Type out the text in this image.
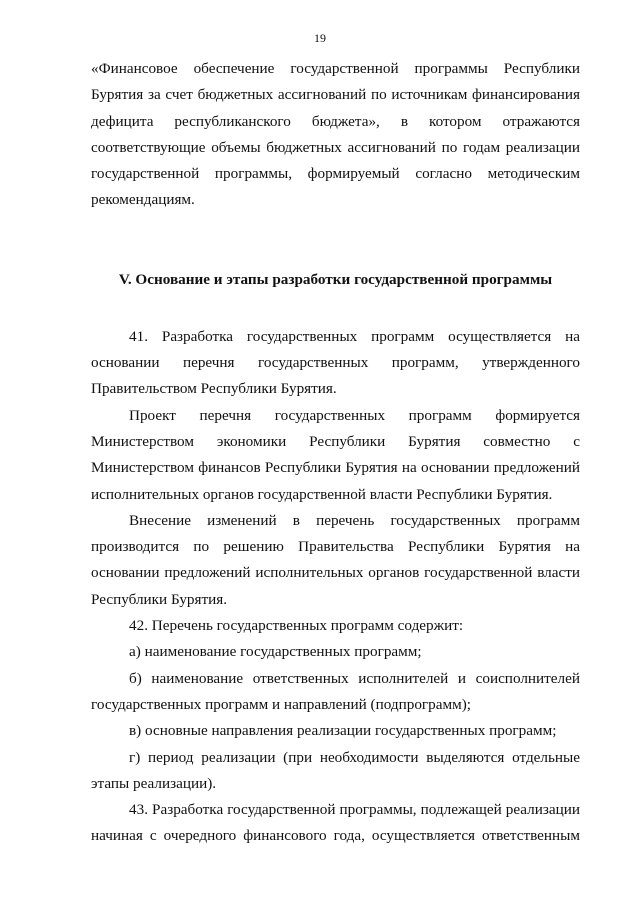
19

«Финансовое обеспечение государственной программы Республики Бурятия за счет бюджетных ассигнований по источникам финансирования дефицита республиканского бюджета», в котором отражаются соответствующие объемы бюджетных ассигнований по годам реализации государственной программы, формируемый согласно методическим рекомендациям.

V. Основание и этапы разработки государственной программы

41. Разработка государственных программ осуществляется на основании перечня государственных программ, утвержденного Правительством Республики Бурятия.

Проект перечня государственных программ формируется Министерством экономики Республики Бурятия совместно с Министерством финансов Республики Бурятия на основании предложений исполнительных органов государственной власти Республики Бурятия.

Внесение изменений в перечень государственных программ производится по решению Правительства Республики Бурятия на основании предложений исполнительных органов государственной власти Республики Бурятия.

42. Перечень государственных программ содержит:

а) наименование государственных программ;

б) наименование ответственных исполнителей и соисполнителей государственных программ и направлений (подпрограмм);

в) основные направления реализации государственных программ;

г) период реализации (при необходимости выделяются отдельные этапы реализации).

43. Разработка государственной программы, подлежащей реализации начиная с очередного финансового года, осуществляется ответственным
